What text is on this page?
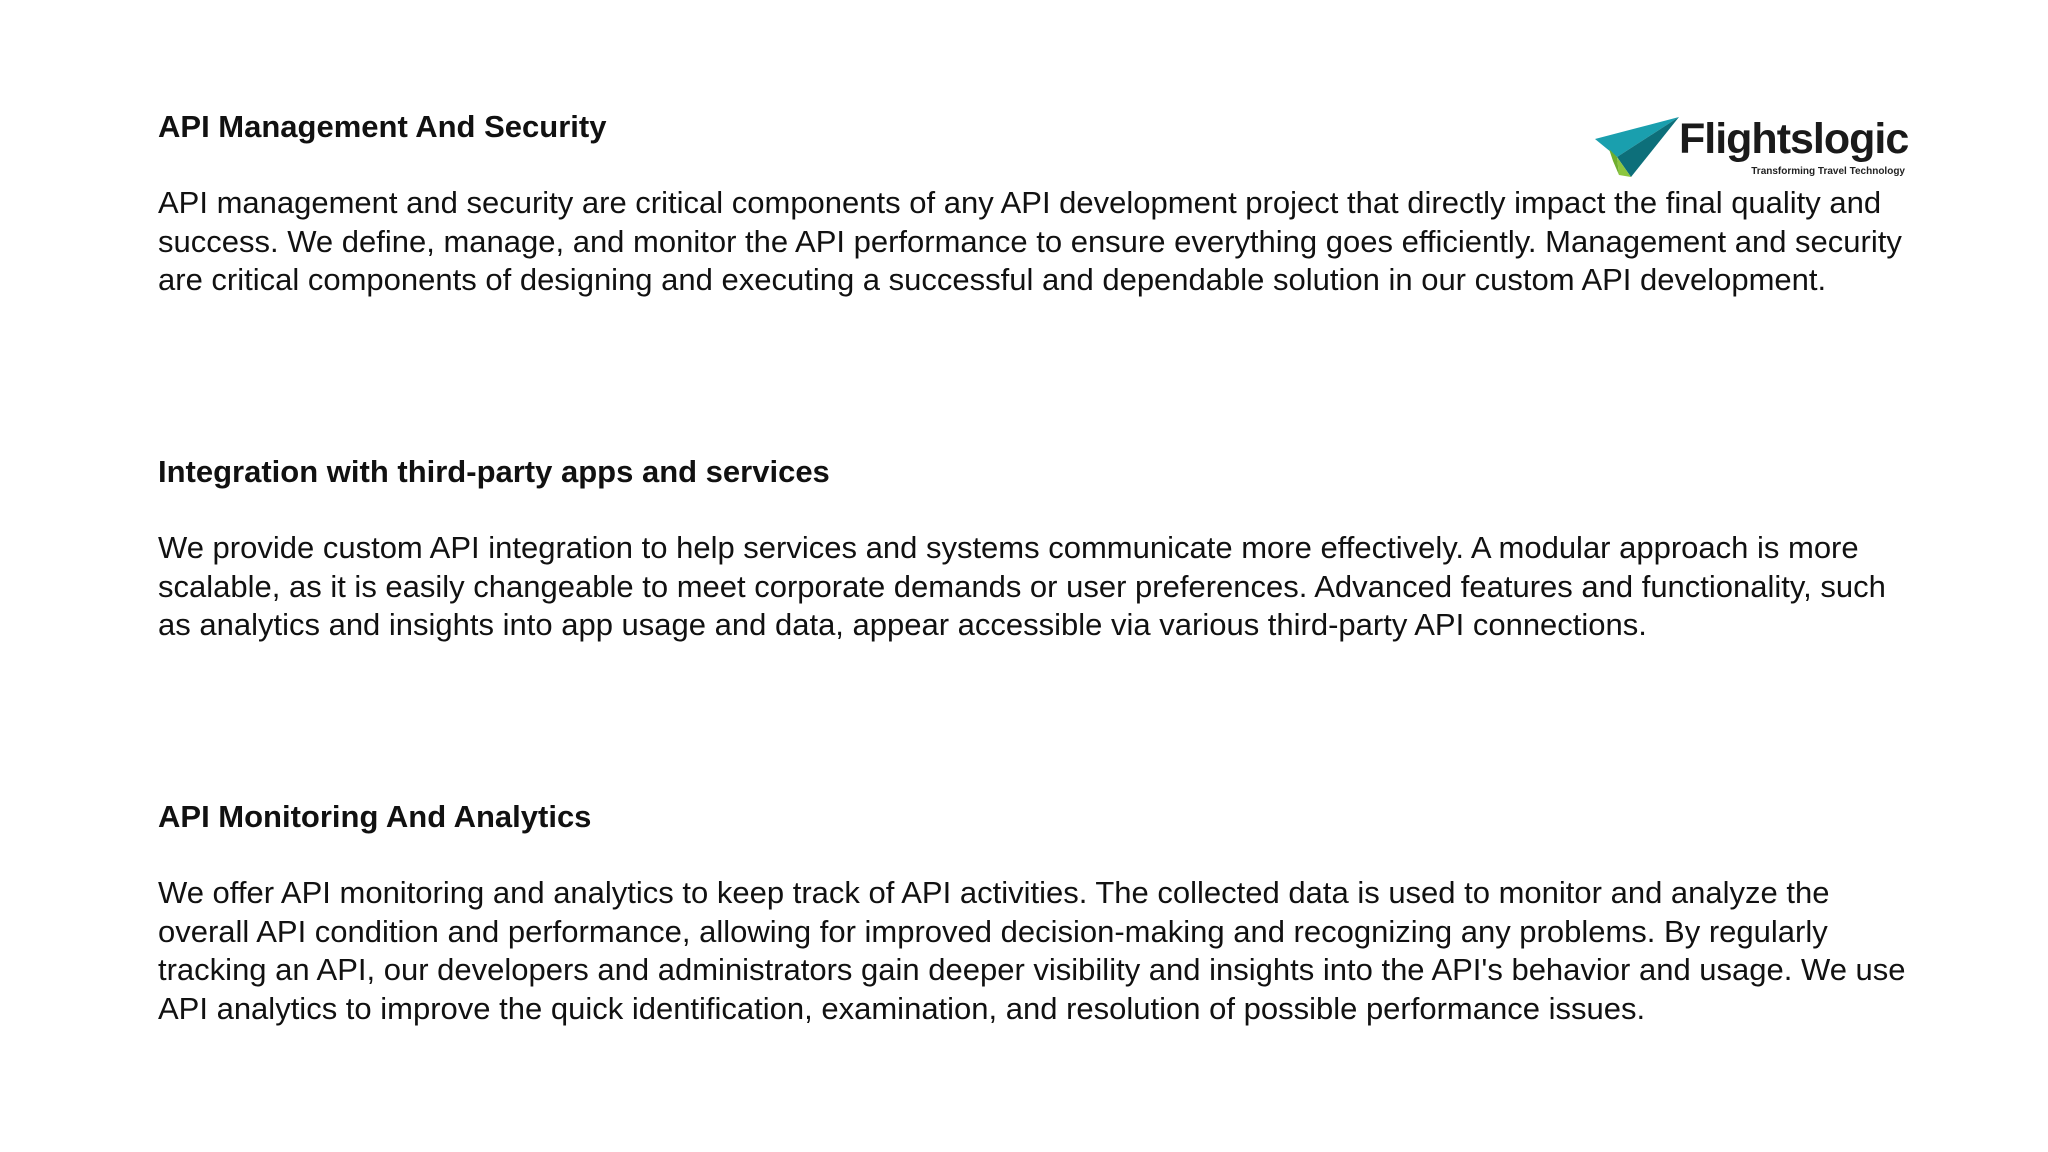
Flightslogic
Transforming Travel Technology
API Management And Security

API management and security are critical components of any API development project that directly impact the final quality and success. We define, manage, and monitor the API performance to ensure everything goes efficiently. Management and security are critical components of designing and executing a successful and dependable solution in our custom API development.

Integration with third-party apps and services

We provide custom API integration to help services and systems communicate more effectively. A modular approach is more scalable, as it is easily changeable to meet corporate demands or user preferences. Advanced features and functionality, such as analytics and insights into app usage and data, appear accessible via various third-party API connections.

API Monitoring And Analytics

We offer API monitoring and analytics to keep track of API activities. The collected data is used to monitor and analyze the overall API condition and performance, allowing for improved decision-making and recognizing any problems. By regularly tracking an API, our developers and administrators gain deeper visibility and insights into the API's behavior and usage. We use API analytics to improve the quick identification, examination, and resolution of possible performance issues.
